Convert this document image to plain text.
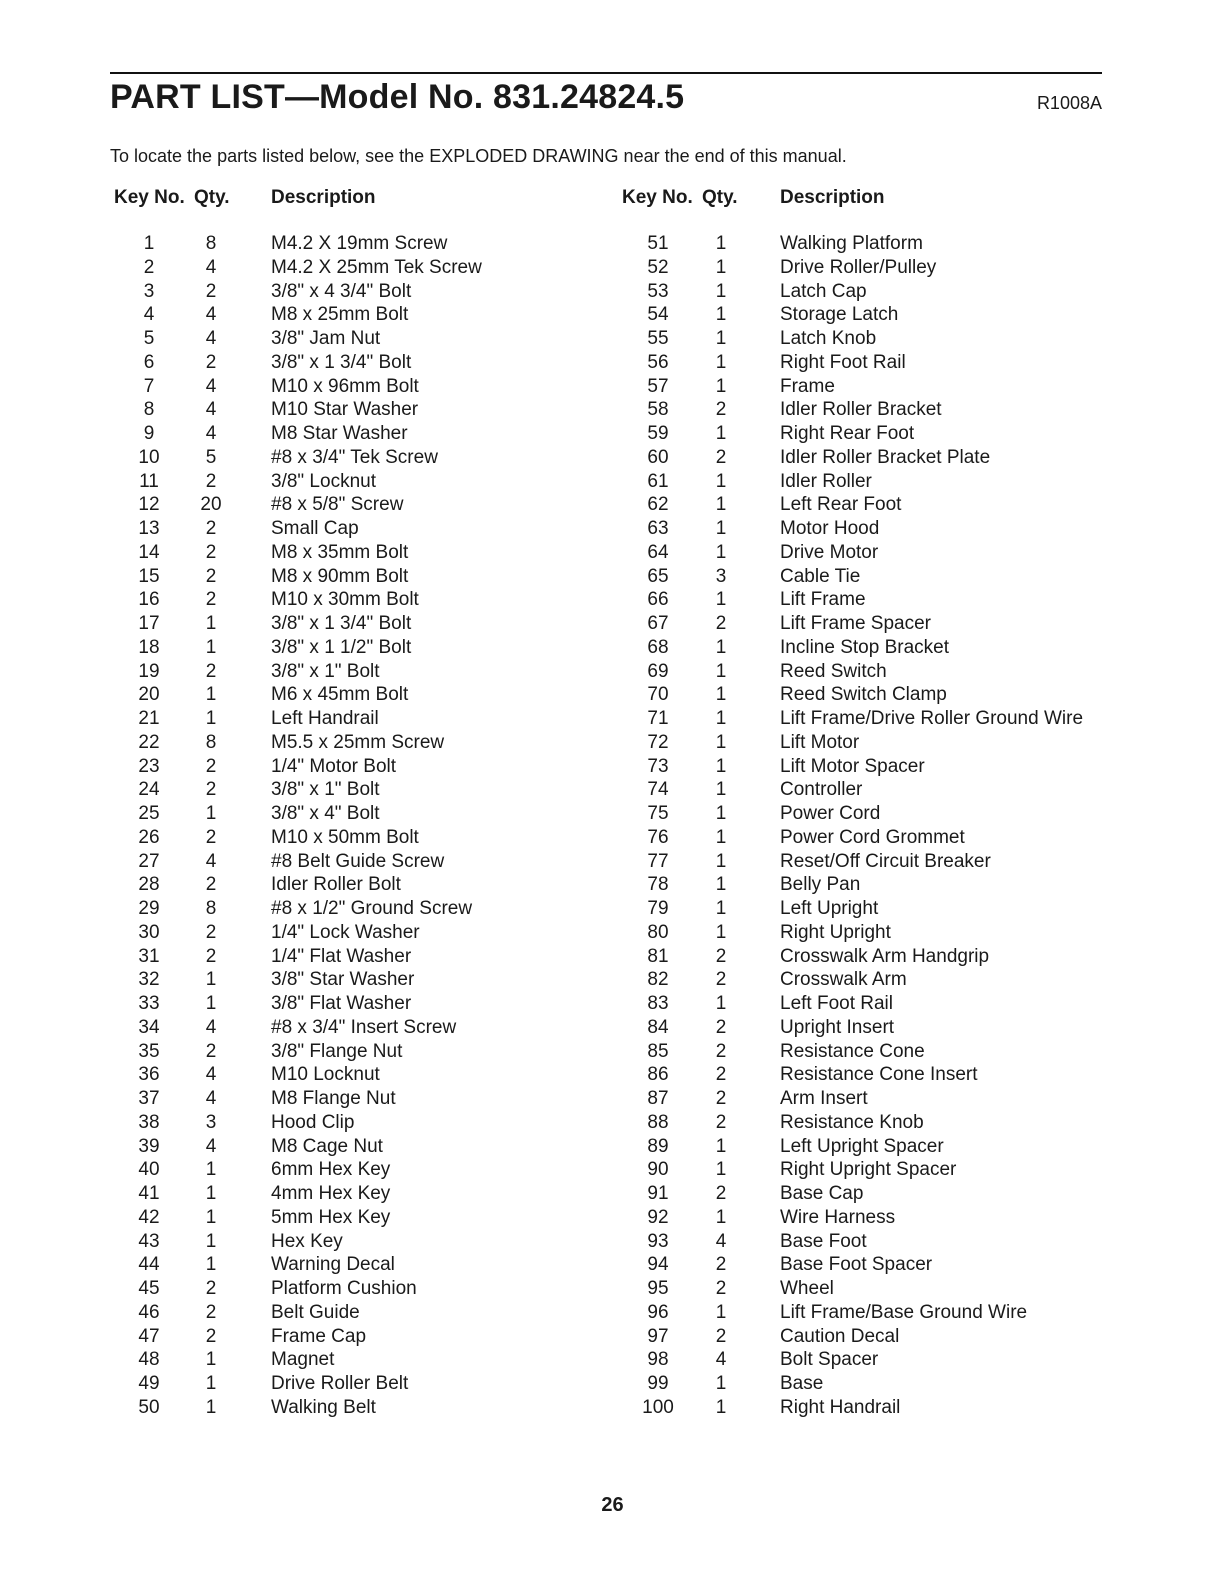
PART LIST—Model No. 831.24824.5	R1008A
To locate the parts listed below, see the EXPLODED DRAWING near the end of this manual.
Key No. Qty. Description	Key No. Qty. Description
1	8	M4.2 X 19mm Screw
2	4	M4.2 X 25mm Tek Screw
3	2	3/8" x 4 3/4" Bolt
4	4	M8 x 25mm Bolt
5	4	3/8" Jam Nut
6	2	3/8" x 1 3/4" Bolt
7	4	M10 x 96mm Bolt
8	4	M10 Star Washer
9	4	M8 Star Washer
10	5	#8 x 3/4" Tek Screw
11	2	3/8" Locknut
12	20	#8 x 5/8" Screw
13	2	Small Cap
14	2	M8 x 35mm Bolt
15	2	M8 x 90mm Bolt
16	2	M10 x 30mm Bolt
17	1	3/8" x 1 3/4" Bolt
18	1	3/8" x 1 1/2" Bolt
19	2	3/8" x 1" Bolt
20	1	M6 x 45mm Bolt
21	1	Left Handrail
22	8	M5.5 x 25mm Screw
23	2	1/4" Motor Bolt
24	2	3/8" x 1" Bolt
25	1	3/8" x 4" Bolt
26	2	M10 x 50mm Bolt
27	4	#8 Belt Guide Screw
28	2	Idler Roller Bolt
29	8	#8 x 1/2" Ground Screw
30	2	1/4" Lock Washer
31	2	1/4" Flat Washer
32	1	3/8" Star Washer
33	1	3/8" Flat Washer
34	4	#8 x 3/4" Insert Screw
35	2	3/8" Flange Nut
36	4	M10 Locknut
37	4	M8 Flange Nut
38	3	Hood Clip
39	4	M8 Cage Nut
40	1	6mm Hex Key
41	1	4mm Hex Key
42	1	5mm Hex Key
43	1	Hex Key
44	1	Warning Decal
45	2	Platform Cushion
46	2	Belt Guide
47	2	Frame Cap
48	1	Magnet
49	1	Drive Roller Belt
50	1	Walking Belt
51	1	Walking Platform
52	1	Drive Roller/Pulley
53	1	Latch Cap
54	1	Storage Latch
55	1	Latch Knob
56	1	Right Foot Rail
57	1	Frame
58	2	Idler Roller Bracket
59	1	Right Rear Foot
60	2	Idler Roller Bracket Plate
61	1	Idler Roller
62	1	Left Rear Foot
63	1	Motor Hood
64	1	Drive Motor
65	3	Cable Tie
66	1	Lift Frame
67	2	Lift Frame Spacer
68	1	Incline Stop Bracket
69	1	Reed Switch
70	1	Reed Switch Clamp
71	1	Lift Frame/Drive Roller Ground Wire
72	1	Lift Motor
73	1	Lift Motor Spacer
74	1	Controller
75	1	Power Cord
76	1	Power Cord Grommet
77	1	Reset/Off Circuit Breaker
78	1	Belly Pan
79	1	Left Upright
80	1	Right Upright
81	2	Crosswalk Arm Handgrip
82	2	Crosswalk Arm
83	1	Left Foot Rail
84	2	Upright Insert
85	2	Resistance Cone
86	2	Resistance Cone Insert
87	2	Arm Insert
88	2	Resistance Knob
89	1	Left Upright Spacer
90	1	Right Upright Spacer
91	2	Base Cap
92	1	Wire Harness
93	4	Base Foot
94	2	Base Foot Spacer
95	2	Wheel
96	1	Lift Frame/Base Ground Wire
97	2	Caution Decal
98	4	Bolt Spacer
99	1	Base
100	1	Right Handrail
26
